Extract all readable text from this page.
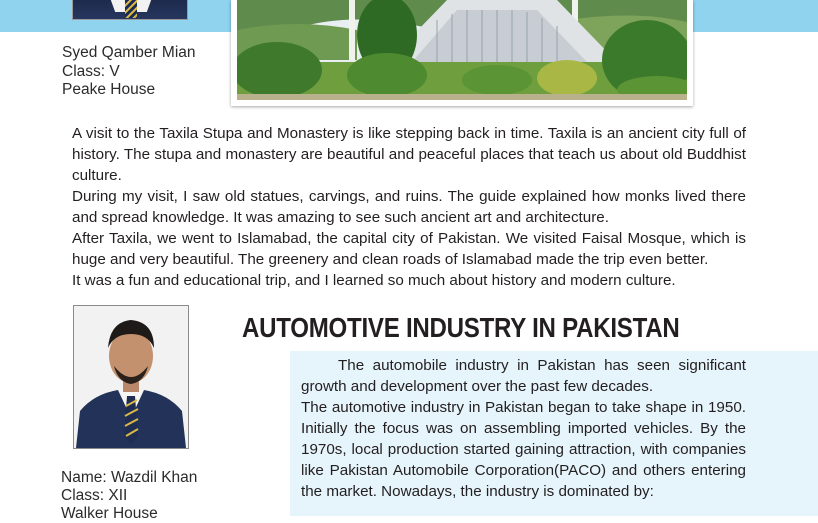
Syed Qamber Mian
Class: V
Peake House

A visit to the Taxila Stupa and Monastery is like stepping back in time. Taxila is an ancient city full of history. The stupa and monastery are beautiful and peaceful places that teach us about old Buddhist culture.

During my visit, I saw old statues, carvings, and ruins. The guide explained how monks lived there and spread knowledge. It was amazing to see such ancient art and architecture.

After Taxila, we went to Islamabad, the capital city of Pakistan. We visited Faisal Mosque, which is huge and very beautiful. The greenery and clean roads of Islamabad made the trip even better.

It was a fun and educational trip, and I learned so much about history and modern culture.

Name: Wazdil Khan
Class: XII
Walker House
AUTOMOTIVE INDUSTRY IN PAKISTAN

The automobile industry in Pakistan has seen significant growth and development over the past few decades.

The automotive industry in Pakistan began to take shape in 1950. Initially the focus was on assembling imported vehicles. By the 1970s, local production started gaining attraction, with companies like Pakistan Automobile Corporation(PACO) and others entering the market. Nowadays, the industry is dominated by:
